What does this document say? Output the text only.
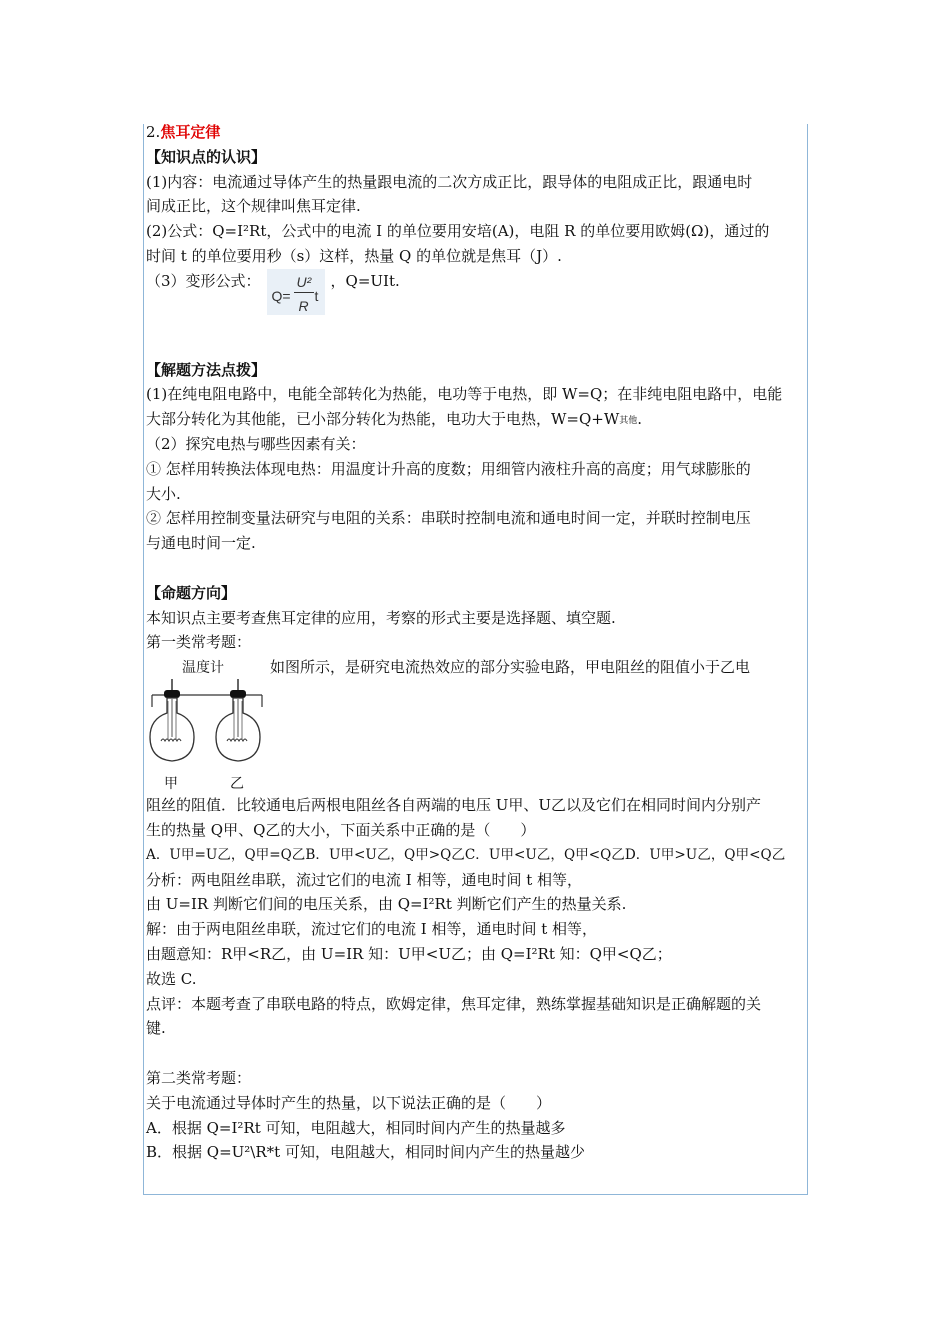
2.焦耳定律
【知识点的认识】
(1)内容：电流通过导体产生的热量跟电流的二次方成正比，跟导体的电阻成正比，跟通电时
间成正比，这个规律叫焦耳定律.
(2)公式：Q=I²Rt，公式中的电流 I 的单位要用安培(A)，电阻 R 的单位要用欧姆(Ω)，通过的
时间 t 的单位要用秒（s）这样，热量 Q 的单位就是焦耳（J）.
（3）变形公式：
Q=
U²
R
t
，Q=UIt.
【解题方法点拨】
(1)在纯电阻电路中，电能全部转化为热能，电功等于电热，即 W=Q；在非纯电阻电路中，电能
大部分转化为其他能，已小部分转化为热能，电功大于电热，W=Q+W其他.
（2）探究电热与哪些因素有关：
① 怎样用转换法体现电热：用温度计升高的度数；用细管内液柱升高的高度；用气球膨胀的
大小.
② 怎样用控制变量法研究与电阻的关系：串联时控制电流和通电时间一定，并联时控制电压
与通电时间一定.
【命题方向】
本知识点主要考查焦耳定律的应用，考察的形式主要是选择题、填空题.
第一类常考题：
温度计
甲	乙
如图所示，是研究电流热效应的部分实验电路，甲电阻丝的阻值小于乙电
阻丝的阻值．比较通电后两根电阻丝各自两端的电压 U甲、U乙以及它们在相同时间内分别产
生的热量 Q甲、Q乙的大小，下面关系中正确的是（　　）
A．U甲=U乙，Q甲=Q乙B．U甲<U乙，Q甲>Q乙C．U甲<U乙，Q甲<Q乙D．U甲>U乙，Q甲<Q乙
分析：两电阻丝串联，流过它们的电流 I 相等，通电时间 t 相等，
由 U=IR 判断它们间的电压关系，由 Q=I²Rt 判断它们产生的热量关系.
解：由于两电阻丝串联，流过它们的电流 I 相等，通电时间 t 相等，
由题意知：R甲<R乙，由 U=IR 知：U甲<U乙；由 Q=I²Rt 知：Q甲<Q乙；
故选 C.
点评：本题考查了串联电路的特点，欧姆定律，焦耳定律，熟练掌握基础知识是正确解题的关
键.
第二类常考题：
关于电流通过导体时产生的热量，以下说法正确的是（　　）
A．根据 Q=I²Rt 可知，电阻越大，相同时间内产生的热量越多
B．根据 Q=U²\R*t 可知，电阻越大，相同时间内产生的热量越少
